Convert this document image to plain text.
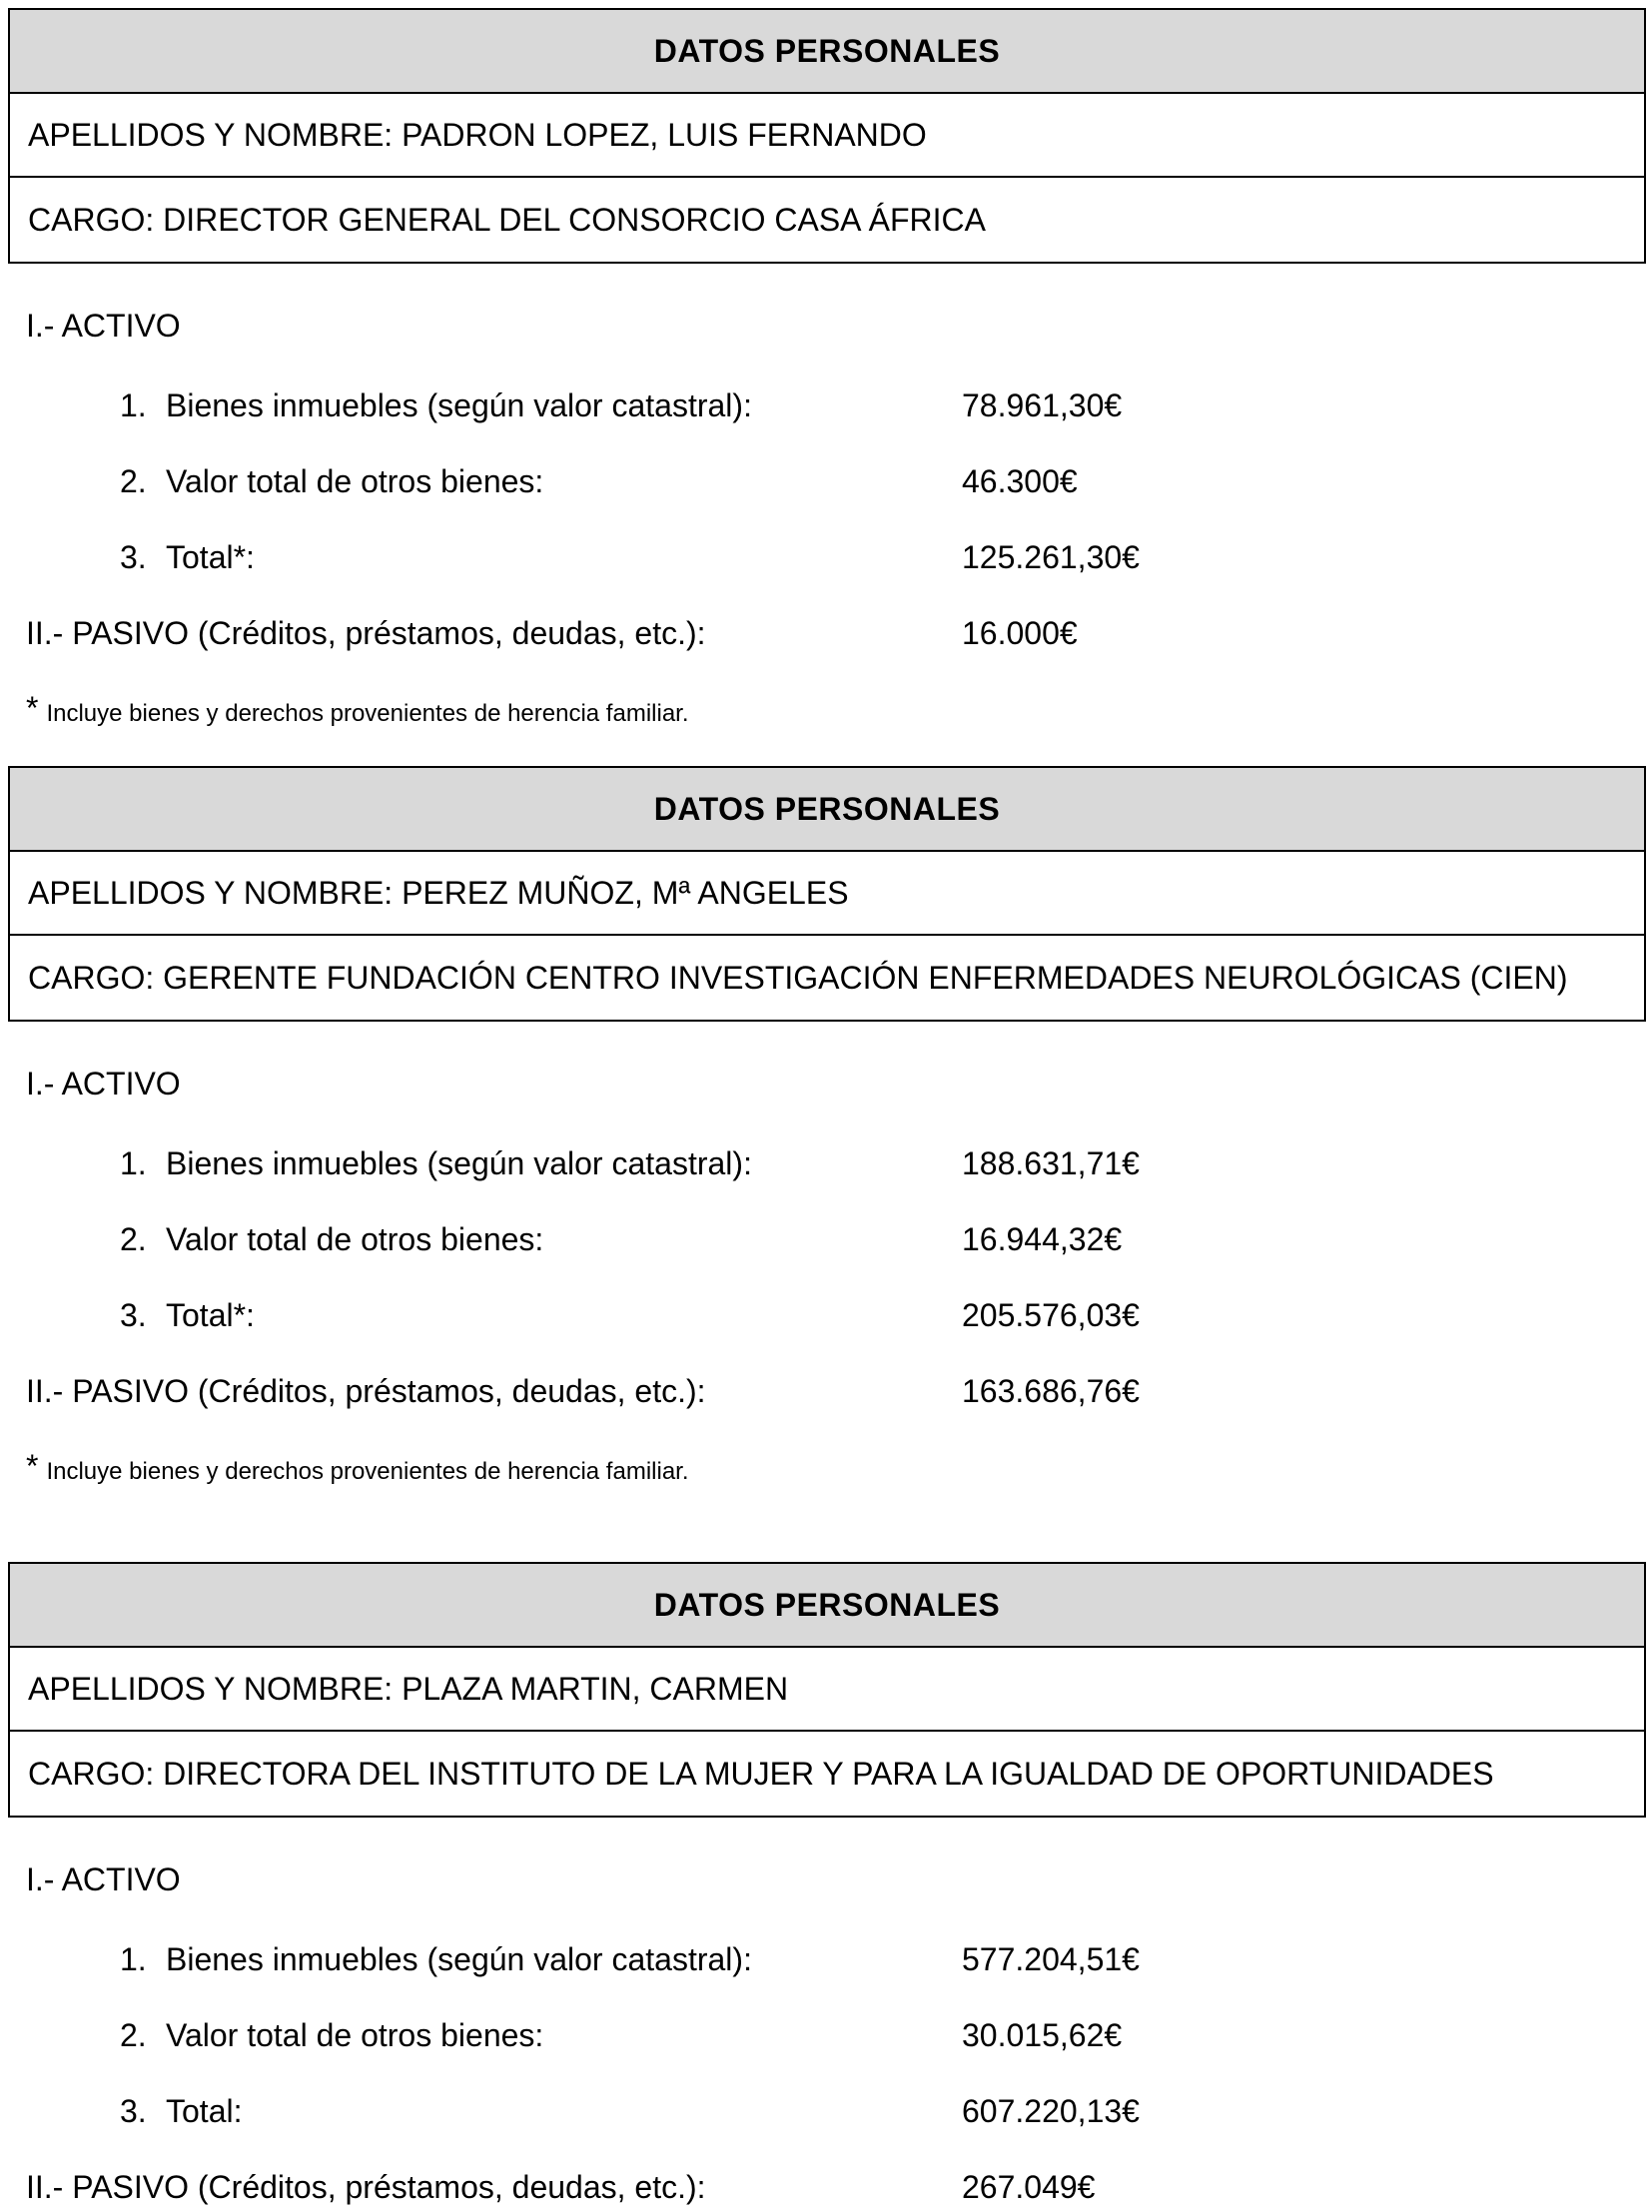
DATOS PERSONALES
APELLIDOS Y NOMBRE: PADRON LOPEZ, LUIS FERNANDO
CARGO: DIRECTOR GENERAL DEL CONSORCIO CASA ÁFRICA
I.- ACTIVO
1. Bienes inmuebles (según valor catastral):	78.961,30€
2. Valor total de otros bienes:	46.300€
3. Total*:	125.261,30€
II.- PASIVO (Créditos, préstamos, deudas, etc.):	16.000€
* Incluye bienes y derechos provenientes de herencia familiar.
DATOS PERSONALES
APELLIDOS Y NOMBRE: PEREZ MUÑOZ, Mª ANGELES
CARGO: GERENTE FUNDACIÓN CENTRO INVESTIGACIÓN ENFERMEDADES NEUROLÓGICAS (CIEN)
I.- ACTIVO
1. Bienes inmuebles (según valor catastral):	188.631,71€
2. Valor total de otros bienes:	16.944,32€
3. Total*:	205.576,03€
II.- PASIVO (Créditos, préstamos, deudas, etc.):	163.686,76€
* Incluye bienes y derechos provenientes de herencia familiar.
DATOS PERSONALES
APELLIDOS Y NOMBRE: PLAZA MARTIN, CARMEN
CARGO: DIRECTORA DEL INSTITUTO DE LA MUJER Y PARA LA IGUALDAD DE OPORTUNIDADES
I.- ACTIVO
1. Bienes inmuebles (según valor catastral):	577.204,51€
2. Valor total de otros bienes:	30.015,62€
3. Total:	607.220,13€
II.- PASIVO (Créditos, préstamos, deudas, etc.):	267.049€
